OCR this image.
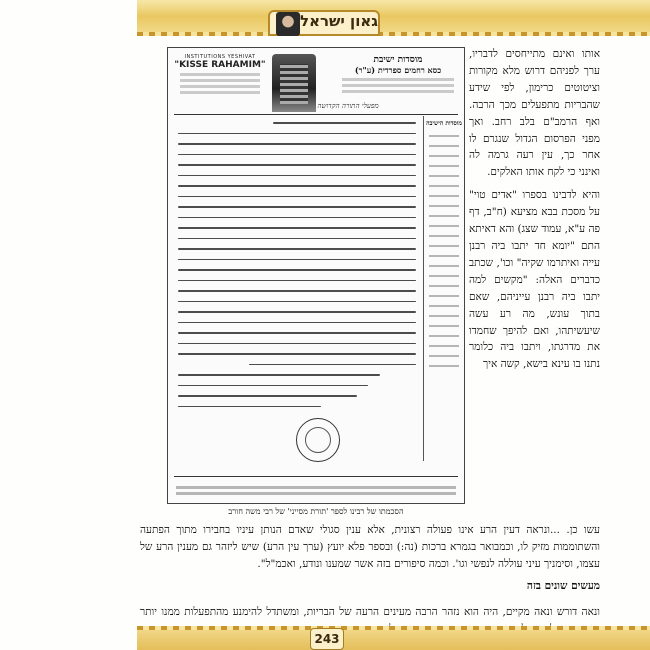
גאון ישראל
INSTITUTIONS YESHIVAT
"KISSE RAHAMIM"	מוסדות ישיבת
כסא רחמים ספרדית (ע"ר)
מפעלי התורה הקדושה
מוסדות הישיבה
הסכמתו של רבינו לספר 'תורת מסייני' של רבי משה חורב

אותו ואינם מתייחסים לדבריו, ערך לפניהם דרוש מלא מקורות וציטוטים כרימון, לפי שידע שהבריות מתפעלים מכך הרבה. ואף הרמב"ם בלב רחב. ואך מפני הפרסום הגדול שנגרם לו אחר כך, עין רעה גרמה לה ואינני כי לקח אותו האלקים.

והיא לדבינו בספרו "אדים טוי" על מסכת בבא מציעא (ח"ב, דף פה ע"א, עמוד שצג) והא דאיתא התם "יומא חד יתבו ביה רבנן עייה ואיתרמו שקיה" וכו', שכתב כדברים האלה: "מקשים למה יתבו ביה רבנן עייניהם, שאם בתוך עונש, מה רע עשה שיעשיתהו, ואם להיפך שחמדו את מדרגתו, ויתבו ביה כלומר נתנו בו עינא בישא, קשה איך

עשו כן. ...ונראה דעין הרע אינו פעולה רצונית, אלא ענין סגולי שאדם הנותן עיניו בחבירו מתוך הפתעה והשתוממות מזיק לו, וכמבואר בגמרא ברכות (נה:) ובספר פלא יועץ (ערך עין הרע) שיש ליזהר גם מענין הרע של עצמו, וסימניך עיני עוללה לנפשי וגו'. וכמה סיפורים בזה אשר שמענו ונודע, ואכמ"ל".
מעשים שונים בזה
ונאה דורש ונאה מקיים, היה הוא נזהר הרבה מעינים הרעה של הבריות, ומשתדל להימנע מהתפעלות ממנו יותר
243
